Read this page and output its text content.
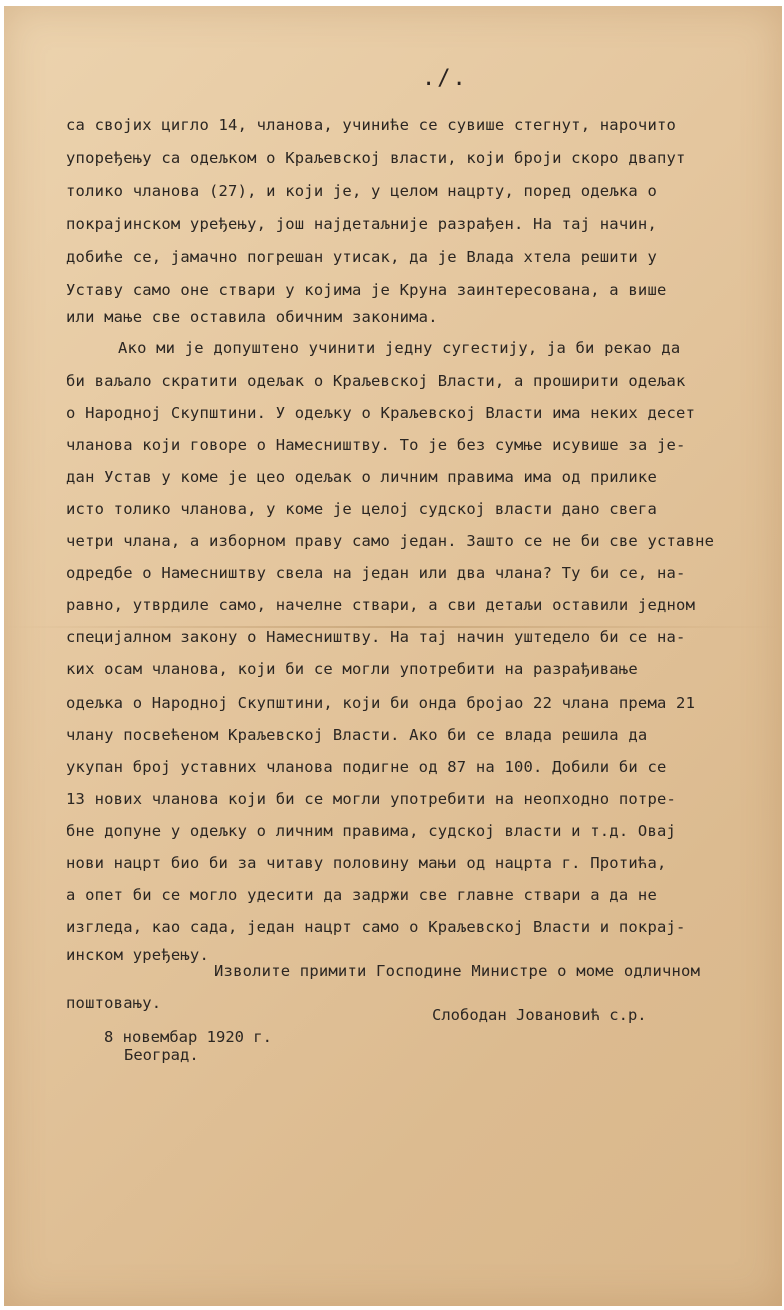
./.
са својих цигло 14, чланова, учиниће се сувише стегнут, нарочито
упоређењу са одељком о Краљевској власти, који броји скоро двапут
толико чланова (27), и који је, у целом нацрту, поред одељка о
покрајинском уређењу, још најдетаљније разрађен. На тај начин,
добиће се, јамачно погрешан утисак, да је Влада хтела решити у
Уставу само оне ствари у којима је Круна заинтересована, а више
или мање све оставила обичним законима.
Ако ми је допуштено учинити једну сугестију, ја би рекао да
би ваљало скратити одељак о Краљевској Власти, а проширити одељак
о Народној Скупштини. У одељку о Краљевској Власти има неких десет
чланова који говоре о Намесништву. То је без сумње исувише за је-
дан Устав у коме је цео одељак о личним правима има од прилике
исто толико чланова, у коме је целој судској власти дано свега
четри члана, а изборном праву само један. Зашто се не би све уставне
одредбе о Намесништву свела на један или два члана? Ту би се, на-
равно, утврдиле само, начелне ствари, а сви детаљи оставили једном
специјалном закону о Намесништву. На тај начин уштедело би се на-
ких осам чланова, који би се могли употребити на разрађивање
одељка о Народној Скупштини, који би онда бројао 22 члана према 21
члану посвећеном Краљевској Власти. Ако би се влада решила да
укупан број уставних чланова подигне од 87 на 100. Добили би се
13 нових чланова који би се могли употребити на неопходно потре-
бне допуне у одељку о личним правима, судској власти и т.д. Овај
нови нацрт био би за читаву половину мањи од нацрта г. Протића,
а опет би се могло удесити да задржи све главне ствари а да не
изгледа, као сада, један нацрт само о Краљевској Власти и покрај-
инском уређењу.
Изволите примити Господине Министре о моме одличном
поштовању.
Слободан Јовановић с.р.
8 новембар 1920 г.
Београд.
